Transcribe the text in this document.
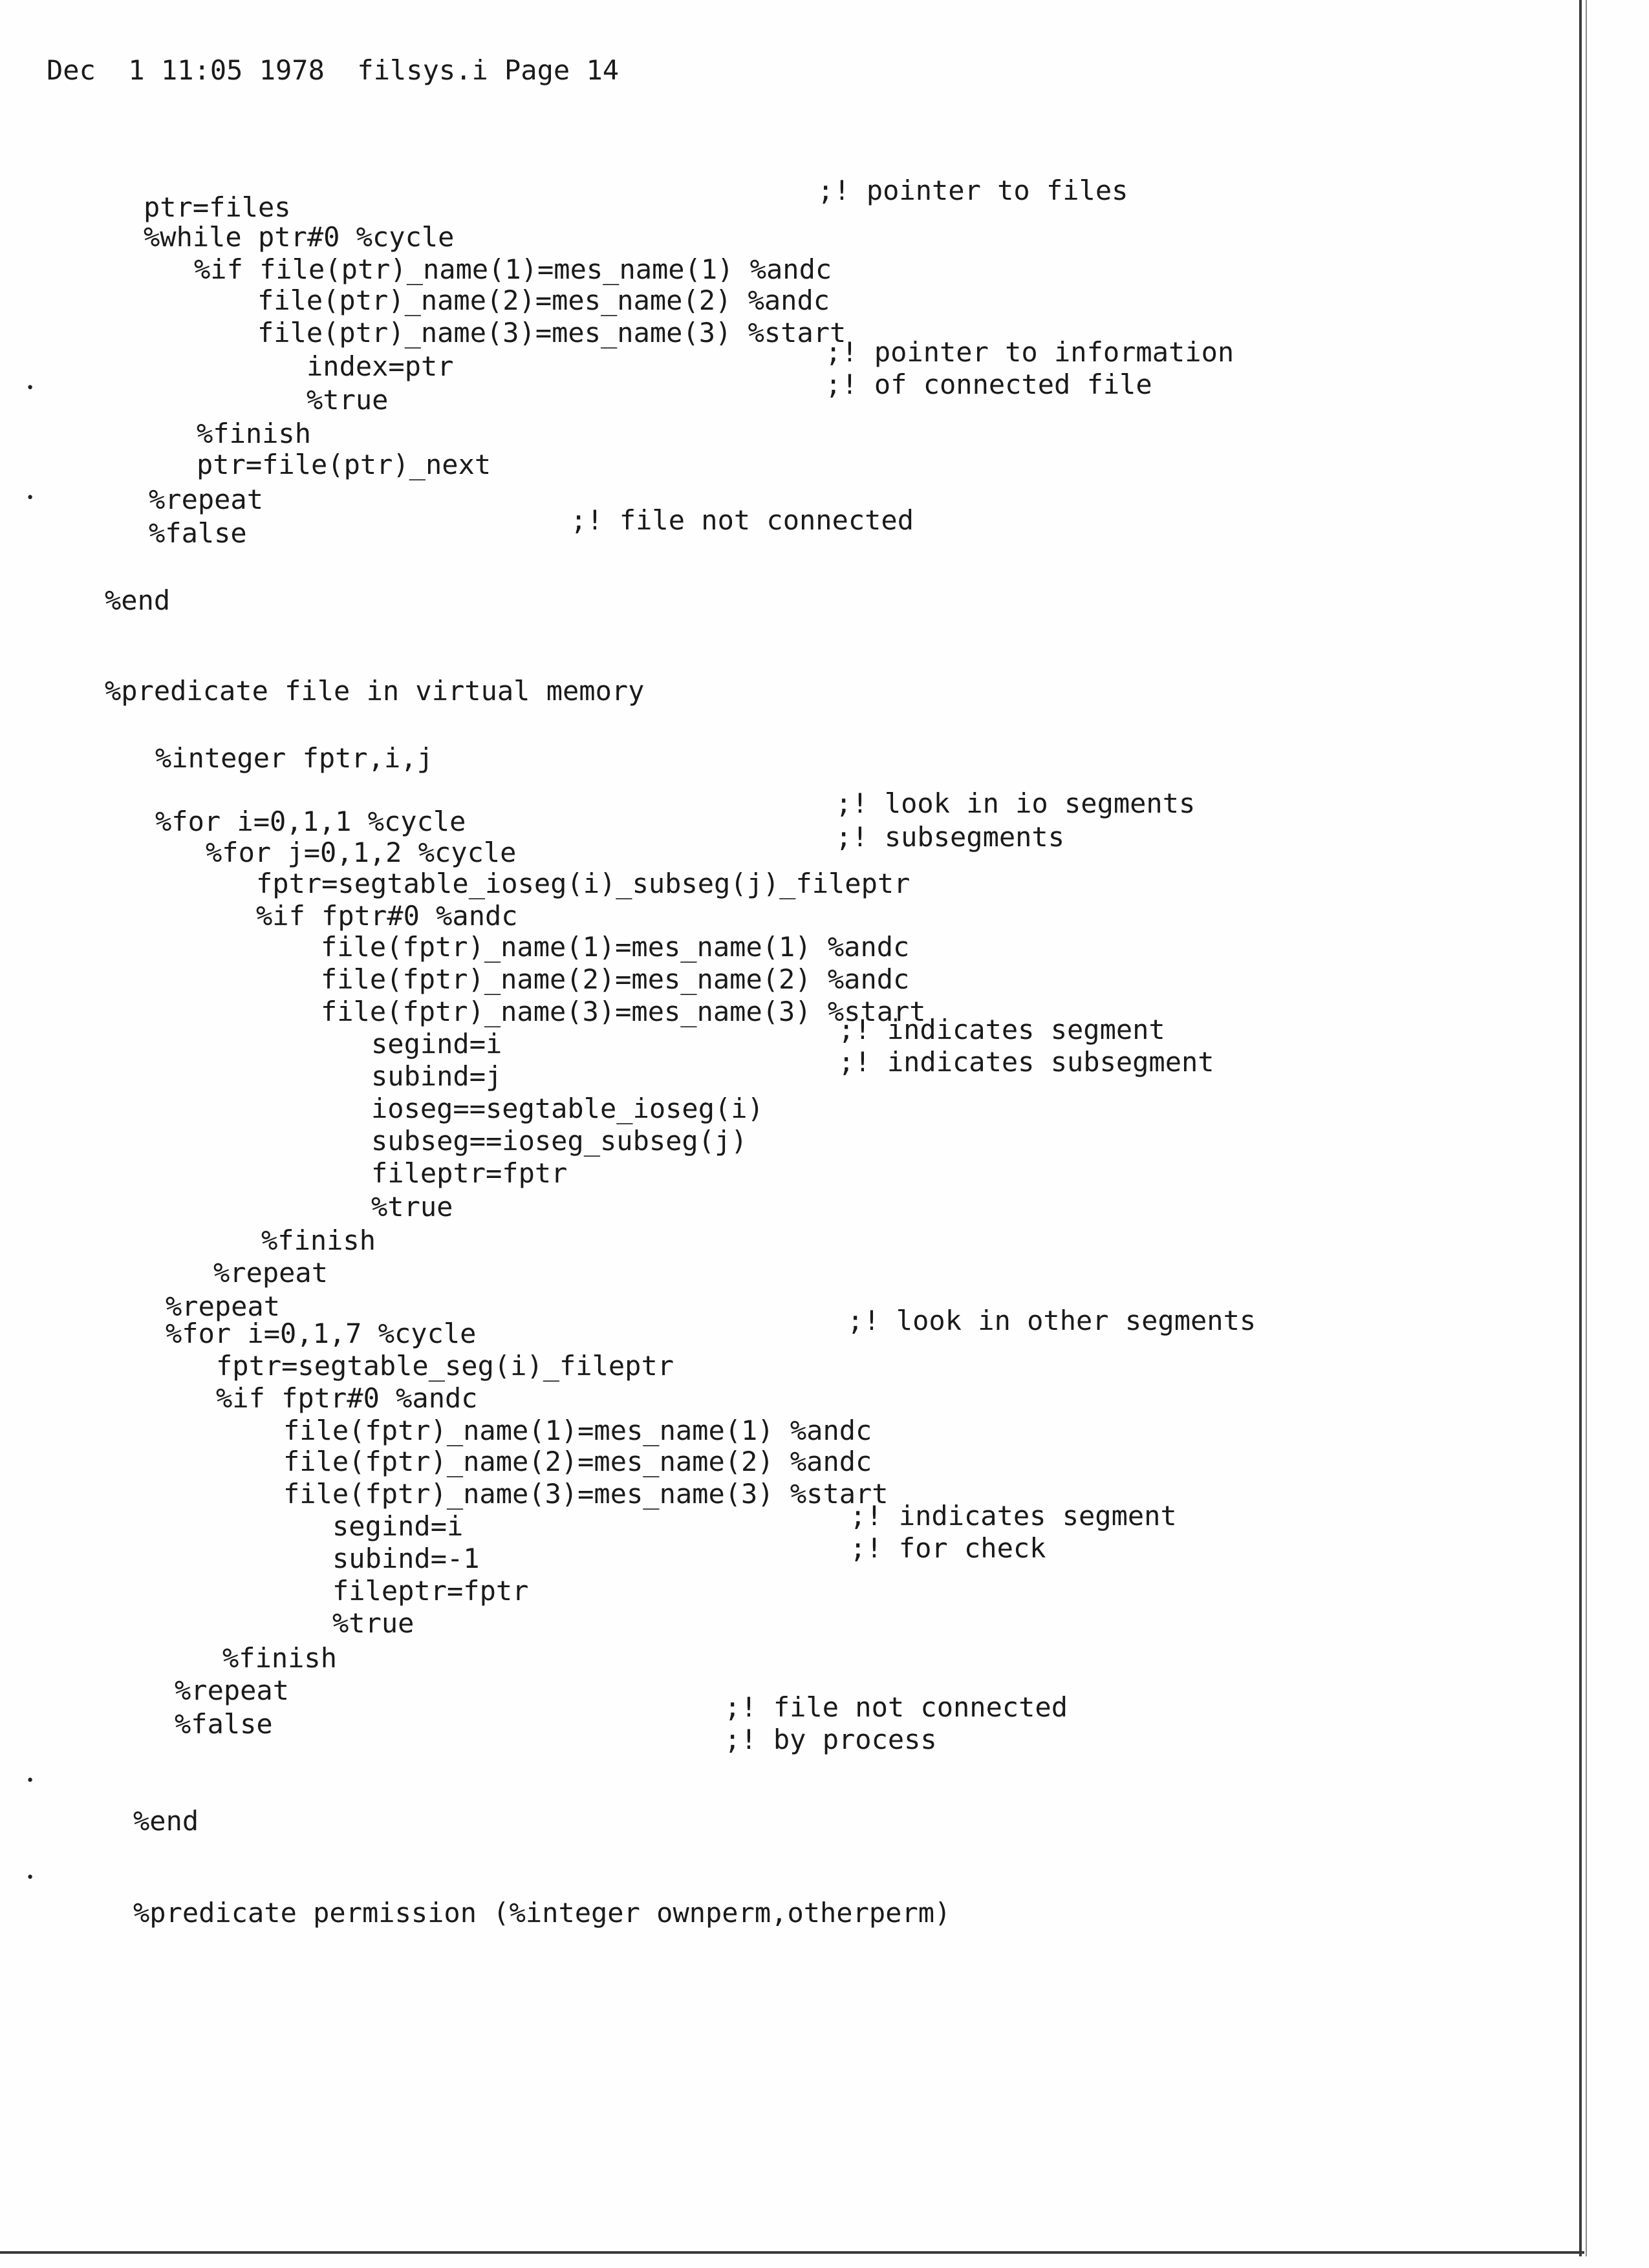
Dec  1 11:05 1978  filsys.i Page 14
ptr=files
%while ptr#0 %cycle
%if file(ptr)_name(1)=mes_name(1) %andc
file(ptr)_name(2)=mes_name(2) %andc
file(ptr)_name(3)=mes_name(3) %start
index=ptr
%true
%finish
ptr=file(ptr)_next
%repeat
%false
%end
%predicate file in virtual memory
%integer fptr,i,j
%for i=0,1,1 %cycle
%for j=0,1,2 %cycle
fptr=segtable_ioseg(i)_subseg(j)_fileptr
%if fptr#0 %andc
file(fptr)_name(1)=mes_name(1) %andc
file(fptr)_name(2)=mes_name(2) %andc
file(fptr)_name(3)=mes_name(3) %start
segind=i
subind=j
ioseg==segtable_ioseg(i)
subseg==ioseg_subseg(j)
fileptr=fptr
%true
%finish
%repeat
%repeat
%for i=0,1,7 %cycle
fptr=segtable_seg(i)_fileptr
%if fptr#0 %andc
file(fptr)_name(1)=mes_name(1) %andc
file(fptr)_name(2)=mes_name(2) %andc
file(fptr)_name(3)=mes_name(3) %start
segind=i
subind=-1
fileptr=fptr
%true
%finish
%repeat
%false
%end
%predicate permission (%integer ownperm,otherperm)
;! pointer to files
;! pointer to information
;! of connected file
;! file not connected
;! look in io segments
;! subsegments
;! indicates segment
;! indicates subsegment
;! look in other segments
;! indicates segment
;! for check
;! file not connected
;! by process
•
•
•
•
